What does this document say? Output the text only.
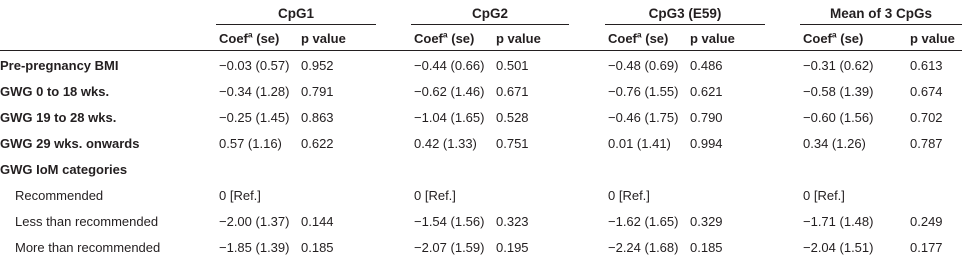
CpG1	CpG2	CpG3 (E59)	Mean of 3 CpGs
Coef$^a$ (se) p value	Coef$^a$ (se) p value	Coef$^a$ (se) p value	Coef$^a$ (se)	p value
Pre-pregnancy BMI	−0.03 (0.57) 0.952	−0.44 (0.66) 0.501	−0.48 (0.69) 0.486	−0.31 (0.62)	0.613
GWG 0 to 18 wks.	−0.34 (1.28) 0.791	−0.62 (1.46) 0.671	−0.76 (1.55) 0.621	−0.58 (1.39)	0.674
GWG 19 to 28 wks.	−0.25 (1.45) 0.863	−1.04 (1.65) 0.528	−0.46 (1.75) 0.790	−0.60 (1.56)	0.702
GWG 29 wks. onwards	0.57 (1.16) 0.622	0.42 (1.33) 0.751	0.01 (1.41) 0.994	0.34 (1.26)	0.787
GWG IoM categories
Recommended	0 [Ref.]	0 [Ref.]	0 [Ref.]	0 [Ref.]
Less than recommended	−2.00 (1.37) 0.144	−1.54 (1.56) 0.323	−1.62 (1.65) 0.329	−1.71 (1.48)	0.249
More than recommended	−1.85 (1.39) 0.185	−2.07 (1.59) 0.195	−2.24 (1.68) 0.185	−2.04 (1.51)	0.177
